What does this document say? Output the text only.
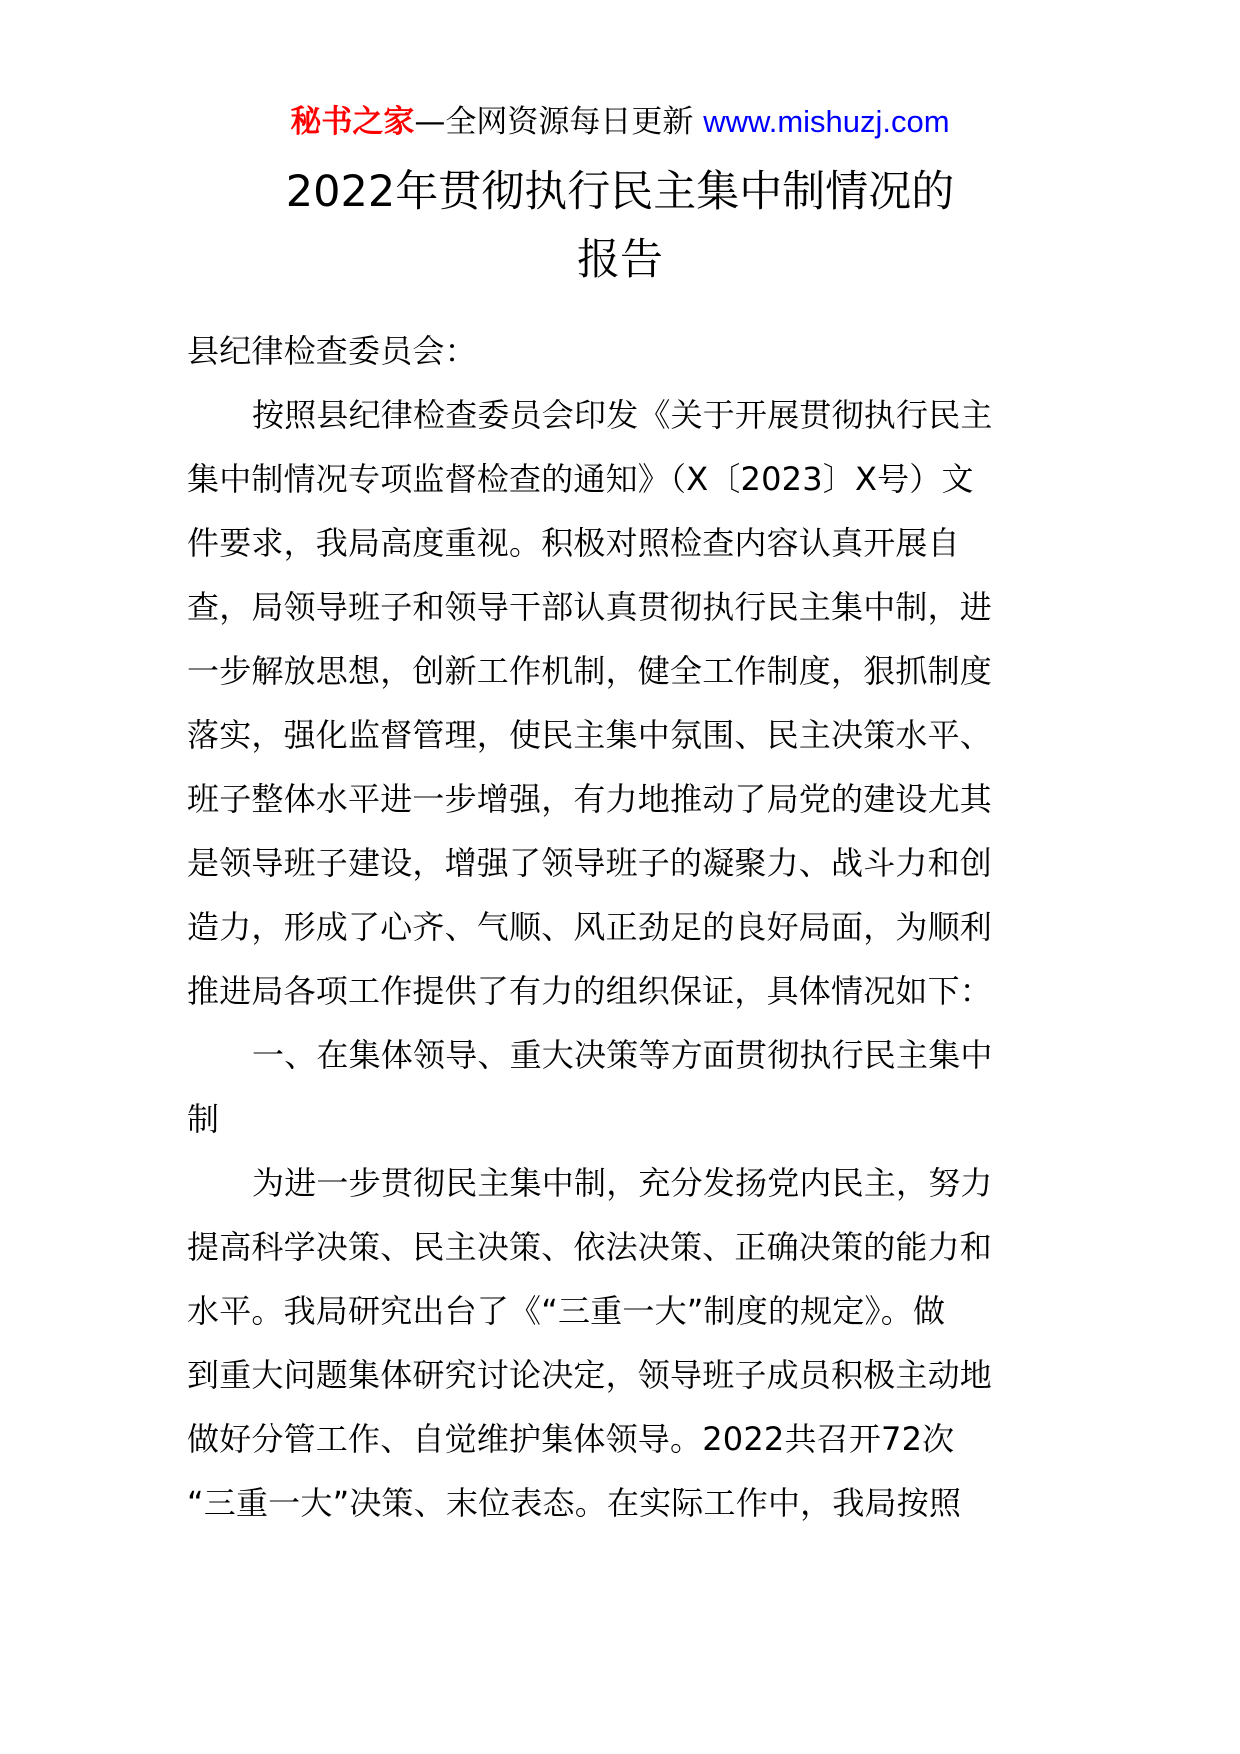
秘书之家—全网资源每日更新 www.mishuzj.com
2022年贯彻执行民主集中制情况的
报告
县纪律检查委员会：
按照县纪律检查委员会印发《关于开展贯彻执行民主
集中制情况专项监督检查的通知》（X〔2023〕X号）文
件要求，我局高度重视。积极对照检查内容认真开展自
查，局领导班子和领导干部认真贯彻执行民主集中制，进
一步解放思想，创新工作机制，健全工作制度，狠抓制度
落实，强化监督管理，使民主集中氛围、民主决策水平、
班子整体水平进一步增强，有力地推动了局党的建设尤其
是领导班子建设，增强了领导班子的凝聚力、战斗力和创
造力，形成了心齐、气顺、风正劲足的良好局面，为顺利
推进局各项工作提供了有力的组织保证，具体情况如下：
一、在集体领导、重大决策等方面贯彻执行民主集中
制
为进一步贯彻民主集中制，充分发扬党内民主，努力
提高科学决策、民主决策、依法决策、正确决策的能力和
水平。我局研究出台了《“三重一大”制度的规定》。做
到重大问题集体研究讨论决定，领导班子成员积极主动地
做好分管工作、自觉维护集体领导。2022共召开72次
“三重一大”决策、末位表态。在实际工作中，我局按照
